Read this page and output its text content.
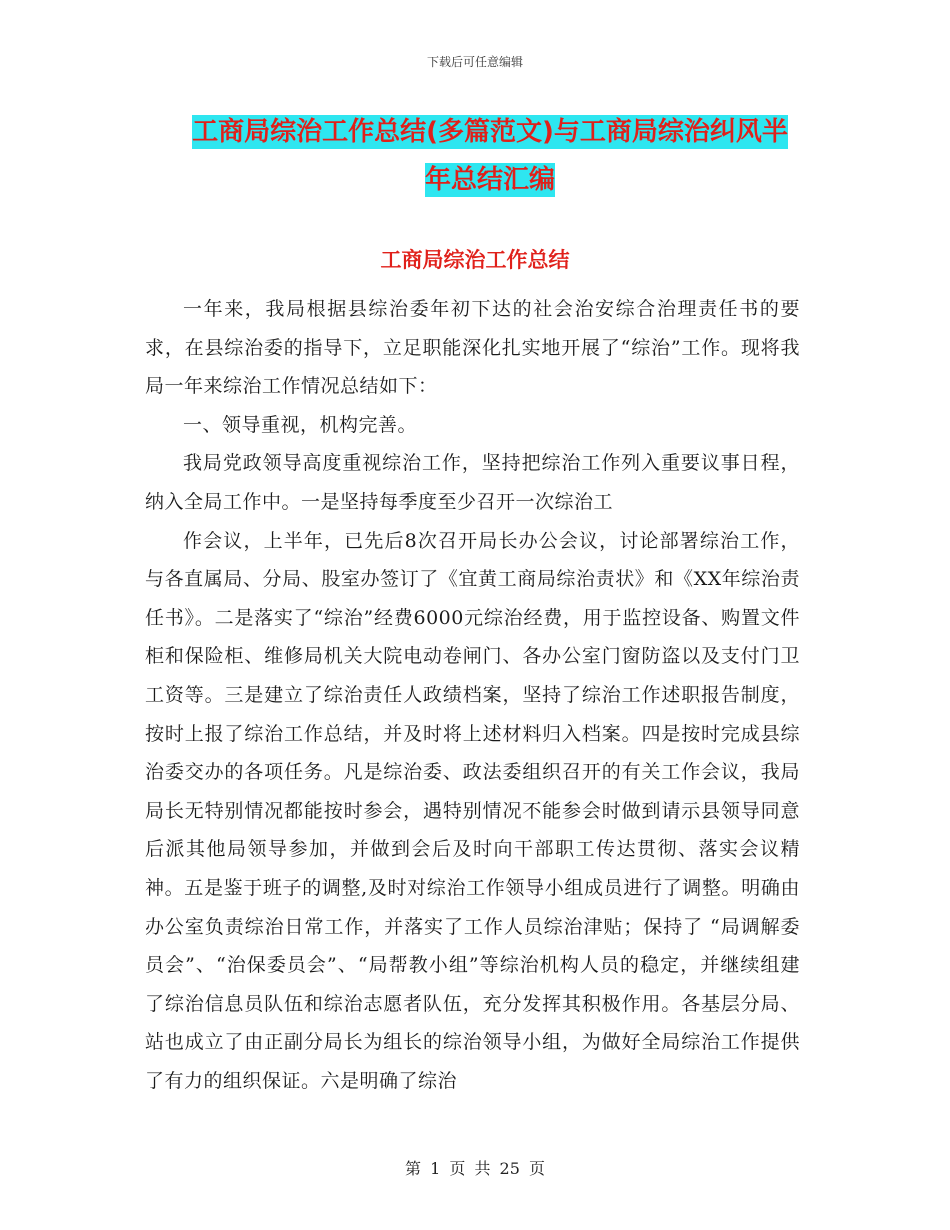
下载后可任意编辑
工商局综治工作总结(多篇范文)与工商局综治纠风半
年总结汇编
工商局综治工作总结

一年来，我局根据县综治委年初下达的社会治安综合治理责任书的要求，在县综治委的指导下，立足职能深化扎实地开展了“综治”工作。现将我局一年来综治工作情况总结如下：

一、领导重视，机构完善。

我局党政领导高度重视综治工作，坚持把综治工作列入重要议事日程，纳入全局工作中。一是坚持每季度至少召开一次综治工

作会议，上半年，已先后8次召开局长办公会议，讨论部署综治工作，与各直属局、分局、股室办签订了《宜黄工商局综治责状》和《XX年综治责任书》。二是落实了“综治”经费6000元综治经费，用于监控设备、购置文件柜和保险柜、维修局机关大院电动卷闸门、各办公室门窗防盗以及支付门卫工资等。三是建立了综治责任人政绩档案，坚持了综治工作述职报告制度，按时上报了综治工作总结，并及时将上述材料归入档案。四是按时完成县综治委交办的各项任务。凡是综治委、政法委组织召开的有关工作会议，我局局长无特别情况都能按时参会，遇特别情况不能参会时做到请示县领导同意后派其他局领导参加，并做到会后及时向干部职工传达贯彻、落实会议精神。五是鉴于班子的调整,及时对综治工作领导小组成员进行了调整。明确由办公室负责综治日常工作，并落实了工作人员综治津贴；保持了 “局调解委员会”、“治保委员会”、“局帮教小组”等综治机构人员的稳定，并继续组建了综治信息员队伍和综治志愿者队伍，充分发挥其积极作用。各基层分局、站也成立了由正副分局长为组长的综治领导小组，为做好全局综治工作提供了有力的组织保证。六是明确了综治

第 1 页 共 25 页
